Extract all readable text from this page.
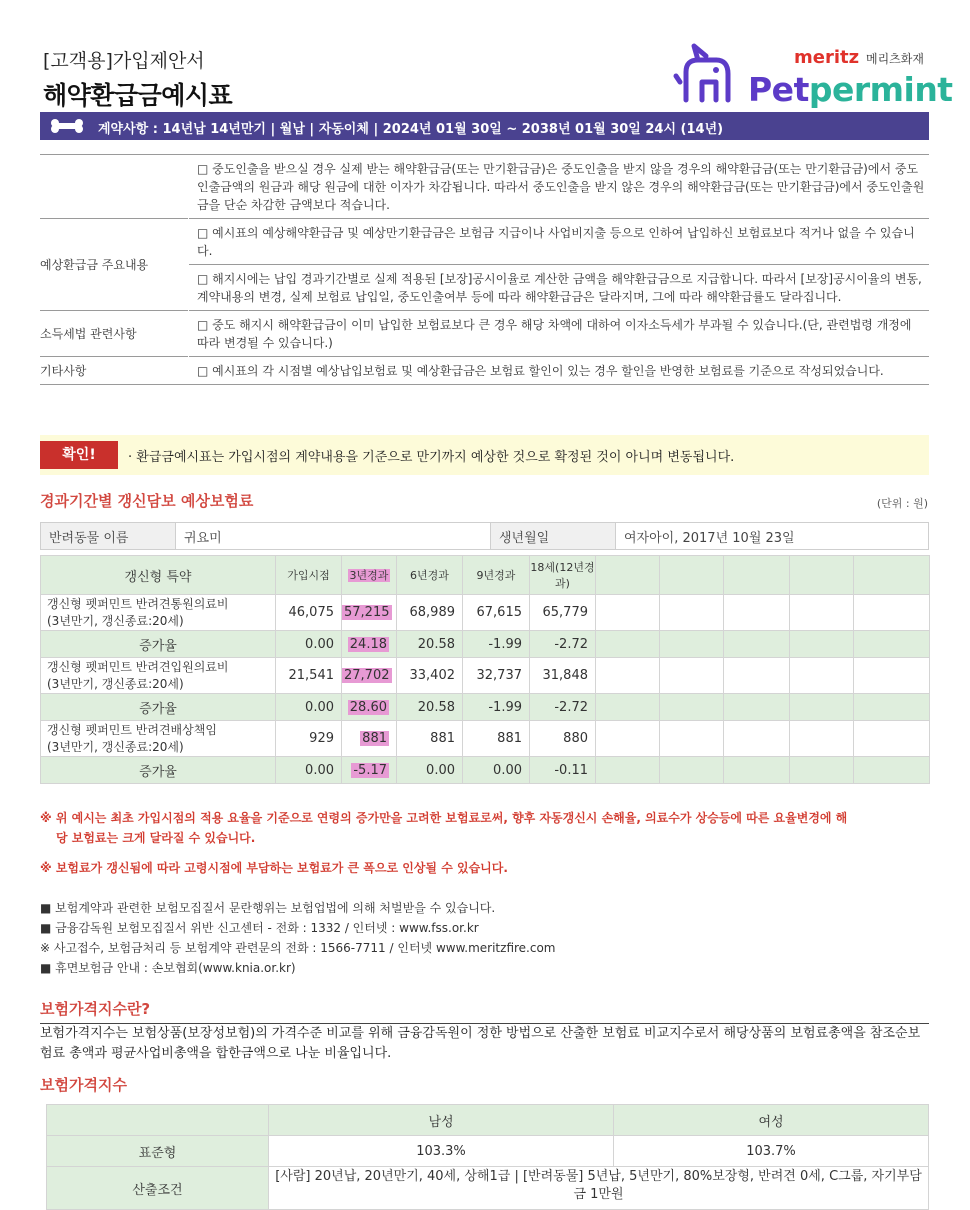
[고객용]가입제안서
해약환급금예시표
meritz 메리츠화재
Petpermint
계약사항 : 14년납 14년만기 | 월납 | 자동이체 | 2024년 01월 30일 ~ 2038년 01월 30일 24시 (14년)
	□ 중도인출을 받으실 경우 실제 받는 해약환급금(또는 만기환급금)은 중도인출을 받지 않을 경우의 해약환급금(또는 만기환급금)에서 중도인출금액의 원금과 해당 원금에 대한 이자가 차감됩니다. 따라서 중도인출을 받지 않은 경우의 해약환급금(또는 만기환급금)에서 중도인출원금을 단순 차감한 금액보다 적습니다.
예상환급금 주요내용	□ 예시표의 예상해약환급금 및 예상만기환급금은 보험금 지급이나 사업비지출 등으로 인하여 납입하신 보험료보다 적거나 없을 수 있습니다.
	□ 해지시에는 납입 경과기간별로 실제 적용된 [보장]공시이율로 계산한 금액을 해약환급금으로 지급합니다. 따라서 [보장]공시이율의 변동, 계약내용의 변경, 실제 보험료 납입일, 중도인출여부 등에 따라 해약환급금은 달라지며, 그에 따라 해약환급률도 달라집니다.
소득세법 관련사항	□ 중도 해지시 해약환급금이 이미 납입한 보험료보다 큰 경우 해당 차액에 대하여 이자소득세가 부과될 수 있습니다.(단, 관련법령 개정에 따라 변경될 수 있습니다.)
기타사항	□ 예시표의 각 시점별 예상납입보험료 및 예상환급금은 보험료 할인이 있는 경우 할인을 반영한 보험료를 기준으로 작성되었습니다.
확인!	· 환급금예시표는 가입시점의 계약내용을 기준으로 만기까지 예상한 것으로 확정된 것이 아니며 변동됩니다.
경과기간별 갱신담보 예상보험료	(단위 : 원)
반려동물 이름	귀요미	생년월일	여자아이, 2017년 10월 23일
갱신형 특약	가입시점	3년경과	6년경과	9년경과	18세(12년경과)					

갱신형 펫퍼민트 반려견통원의료비
(3년만기, 갱신종료:20세)	46,075	57,215	68,989	67,615	65,779					
증가율	0.00	24.18	20.58	-1.99	-2.72					

갱신형 펫퍼민트 반려견입원의료비
(3년만기, 갱신종료:20세)	21,541	27,702	33,402	32,737	31,848					
증가율	0.00	28.60	20.58	-1.99	-2.72					

갱신형 펫퍼민트 반려견배상책임
(3년만기, 갱신종료:20세)	929	881	881	881	880					
증가율	0.00	-5.17	0.00	0.00	-0.11					
※ 위 예시는 최초 가입시점의 적용 요율을 기준으로 연령의 증가만을 고려한 보험료로써, 향후 자동갱신시 손해율, 의료수가 상승등에 따른 요율변경에 해
당 보험료는 크게 달라질 수 있습니다.
※ 보험료가 갱신됨에 따라 고령시점에 부담하는 보험료가 큰 폭으로 인상될 수 있습니다.
■ 보험계약과 관련한 보험모집질서 문란행위는 보험업법에 의해 처벌받을 수 있습니다.
■ 금융감독원 보험모집질서 위반 신고센터 - 전화 : 1332 / 인터넷 : www.fss.or.kr
※ 사고접수, 보험금처리 등 보험계약 관련문의 전화 : 1566-7711 / 인터넷 www.meritzfire.com
■ 휴면보험금 안내 : 손보협회(www.knia.or.kr)
보험가격지수란?
보험가격지수는 보험상품(보장성보험)의 가격수준 비교를 위해 금융감독원이 정한 방법으로 산출한 보험료 비교지수로서 해당상품의 보험료총액을 참조순보험료 총액과 평균사업비총액을 합한금액으로 나눈 비율입니다.
보험가격지수
	남성	여성
표준형	103.3%	103.7%
산출조건	[사람] 20년납, 20년만기, 40세, 상해1급 | [반려동물] 5년납, 5년만기, 80%보장형, 반려견 0세, C그룹, 자기부담금 1만원	
